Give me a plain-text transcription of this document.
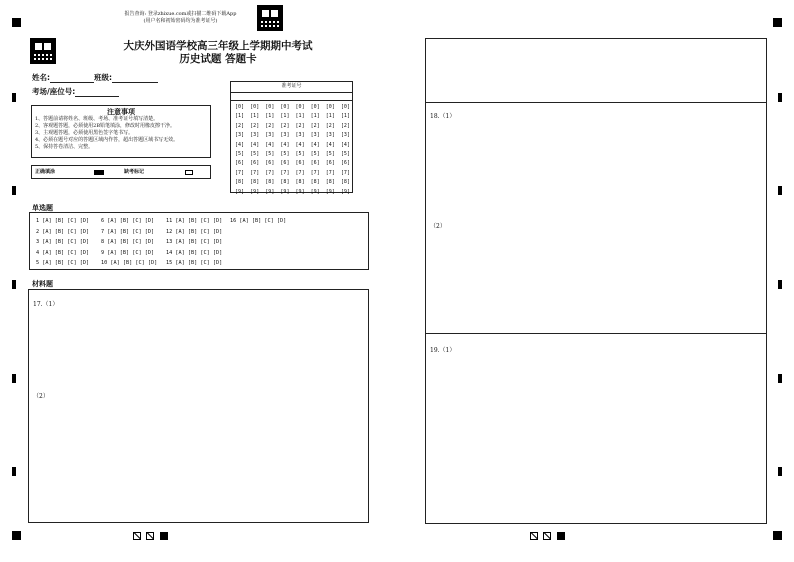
报告查询: 登录zhixue.com或扫描二维码下载App
(用户名和初始密码均为准考证号)
大庆外国语学校高三年级上学期期中考试
历史试题 答题卡
姓名:	班级:
考场/座位号:
注意事项
1、答题前请将姓名、班级、考场、准考证号填写清楚。
2、客观题答题，必须使用2B铅笔填涂，修改时用橡皮擦干净。
3、主观题答题，必须使用黑色签字笔书写。
4、必须在题号对应的答题区域内作答，超出答题区域书写无效。
5、保持答卷清洁、完整。
正确填涂	缺考标记
准考证号
[0]
[1]
[2]
[3]
[4]
[5]
[6]
[7]
[8]
[9]
[0]
[1]
[2]
[3]
[4]
[5]
[6]
[7]
[8]
[9]
[0]
[1]
[2]
[3]
[4]
[5]
[6]
[7]
[8]
[9]
[0]
[1]
[2]
[3]
[4]
[5]
[6]
[7]
[8]
[9]
[0]
[1]
[2]
[3]
[4]
[5]
[6]
[7]
[8]
[9]
[0]
[1]
[2]
[3]
[4]
[5]
[6]
[7]
[8]
[9]
[0]
[1]
[2]
[3]
[4]
[5]
[6]
[7]
[8]
[9]
[0]
[1]
[2]
[3]
[4]
[5]
[6]
[7]
[8]
[9]
单选题
1 [A] [B] [C] [D] 6 [A] [B] [C] [D] 11 [A] [B] [C] [D] 16 [A] [B] [C] [D]
2 [A] [B] [C] [D] 7 [A] [B] [C] [D] 12 [A] [B] [C] [D]
3 [A] [B] [C] [D] 8 [A] [B] [C] [D] 13 [A] [B] [C] [D]
4 [A] [B] [C] [D] 9 [A] [B] [C] [D] 14 [A] [B] [C] [D]
5 [A] [B] [C] [D] 10 [A] [B] [C] [D] 15 [A] [B] [C] [D]
材料题
17.（1）
（2）
18.（1）
（2）
19.（1）
